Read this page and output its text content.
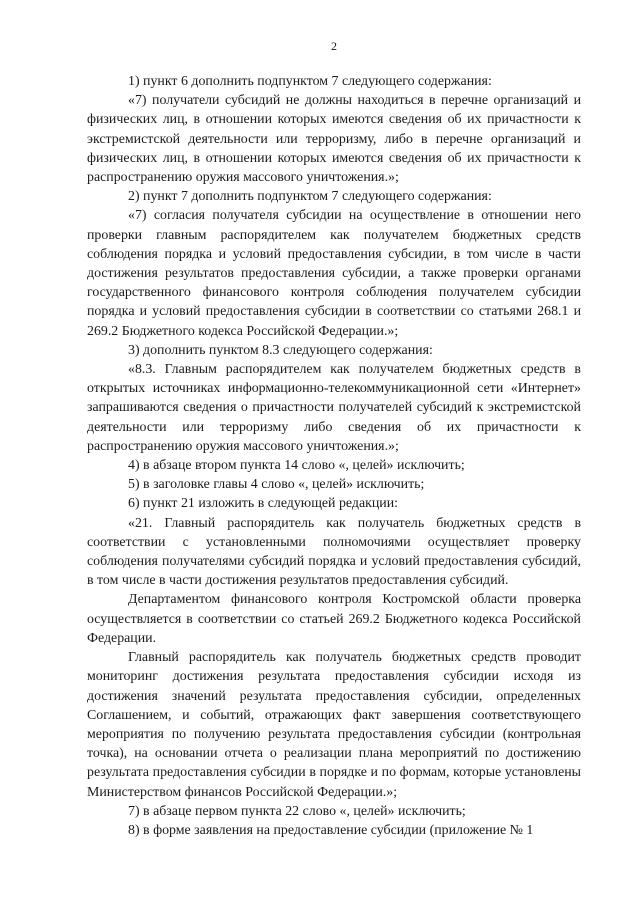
2

1) пункт 6 дополнить подпунктом 7 следующего содержания:

«7) получатели субсидий не должны находиться в перечне организаций и физических лиц, в отношении которых имеются сведения об их причастности к экстремистской деятельности или терроризму, либо в перечне организаций и физических лиц, в отношении которых имеются сведения об их причастности к распространению оружия массового уничтожения.»;

2) пункт 7 дополнить подпунктом 7 следующего содержания:

«7) согласия получателя субсидии на осуществление в отношении него проверки главным распорядителем как получателем бюджетных средств соблюдения порядка и условий предоставления субсидии, в том числе в части достижения результатов предоставления субсидии, а также проверки органами государственного финансового контроля соблюдения получателем субсидии порядка и условий предоставления субсидии в соответствии со статьями 268.1 и 269.2 Бюджетного кодекса Российской Федерации.»;

3) дополнить пунктом 8.3 следующего содержания:

«8.3. Главным распорядителем как получателем бюджетных средств в открытых источниках информационно-телекоммуникационной сети «Интернет» запрашиваются сведения о причастности получателей субсидий к экстремистской деятельности или терроризму либо сведения об их причастности к распространению оружия массового уничтожения.»;

4) в абзаце втором пункта 14 слово «, целей» исключить;

5) в заголовке главы 4 слово «, целей» исключить;

6) пункт 21 изложить в следующей редакции:

«21. Главный распорядитель как получатель бюджетных средств в соответствии с установленными полномочиями осуществляет проверку соблюдения получателями субсидий порядка и условий предоставления субсидий, в том числе в части достижения результатов предоставления субсидий.

Департаментом финансового контроля Костромской области проверка осуществляется в соответствии со статьей 269.2 Бюджетного кодекса Российской Федерации.

Главный распорядитель как получатель бюджетных средств проводит мониторинг достижения результата предоставления субсидии исходя из достижения значений результата предоставления субсидии, определенных Соглашением, и событий, отражающих факт завершения соответствующего мероприятия по получению результата предоставления субсидии (контрольная точка), на основании отчета о реализации плана мероприятий по достижению результата предоставления субсидии в порядке и по формам, которые установлены Министерством финансов Российской Федерации.»;

7) в абзаце первом пункта 22 слово «, целей» исключить;

8) в форме заявления на предоставление субсидии (приложение № 1
